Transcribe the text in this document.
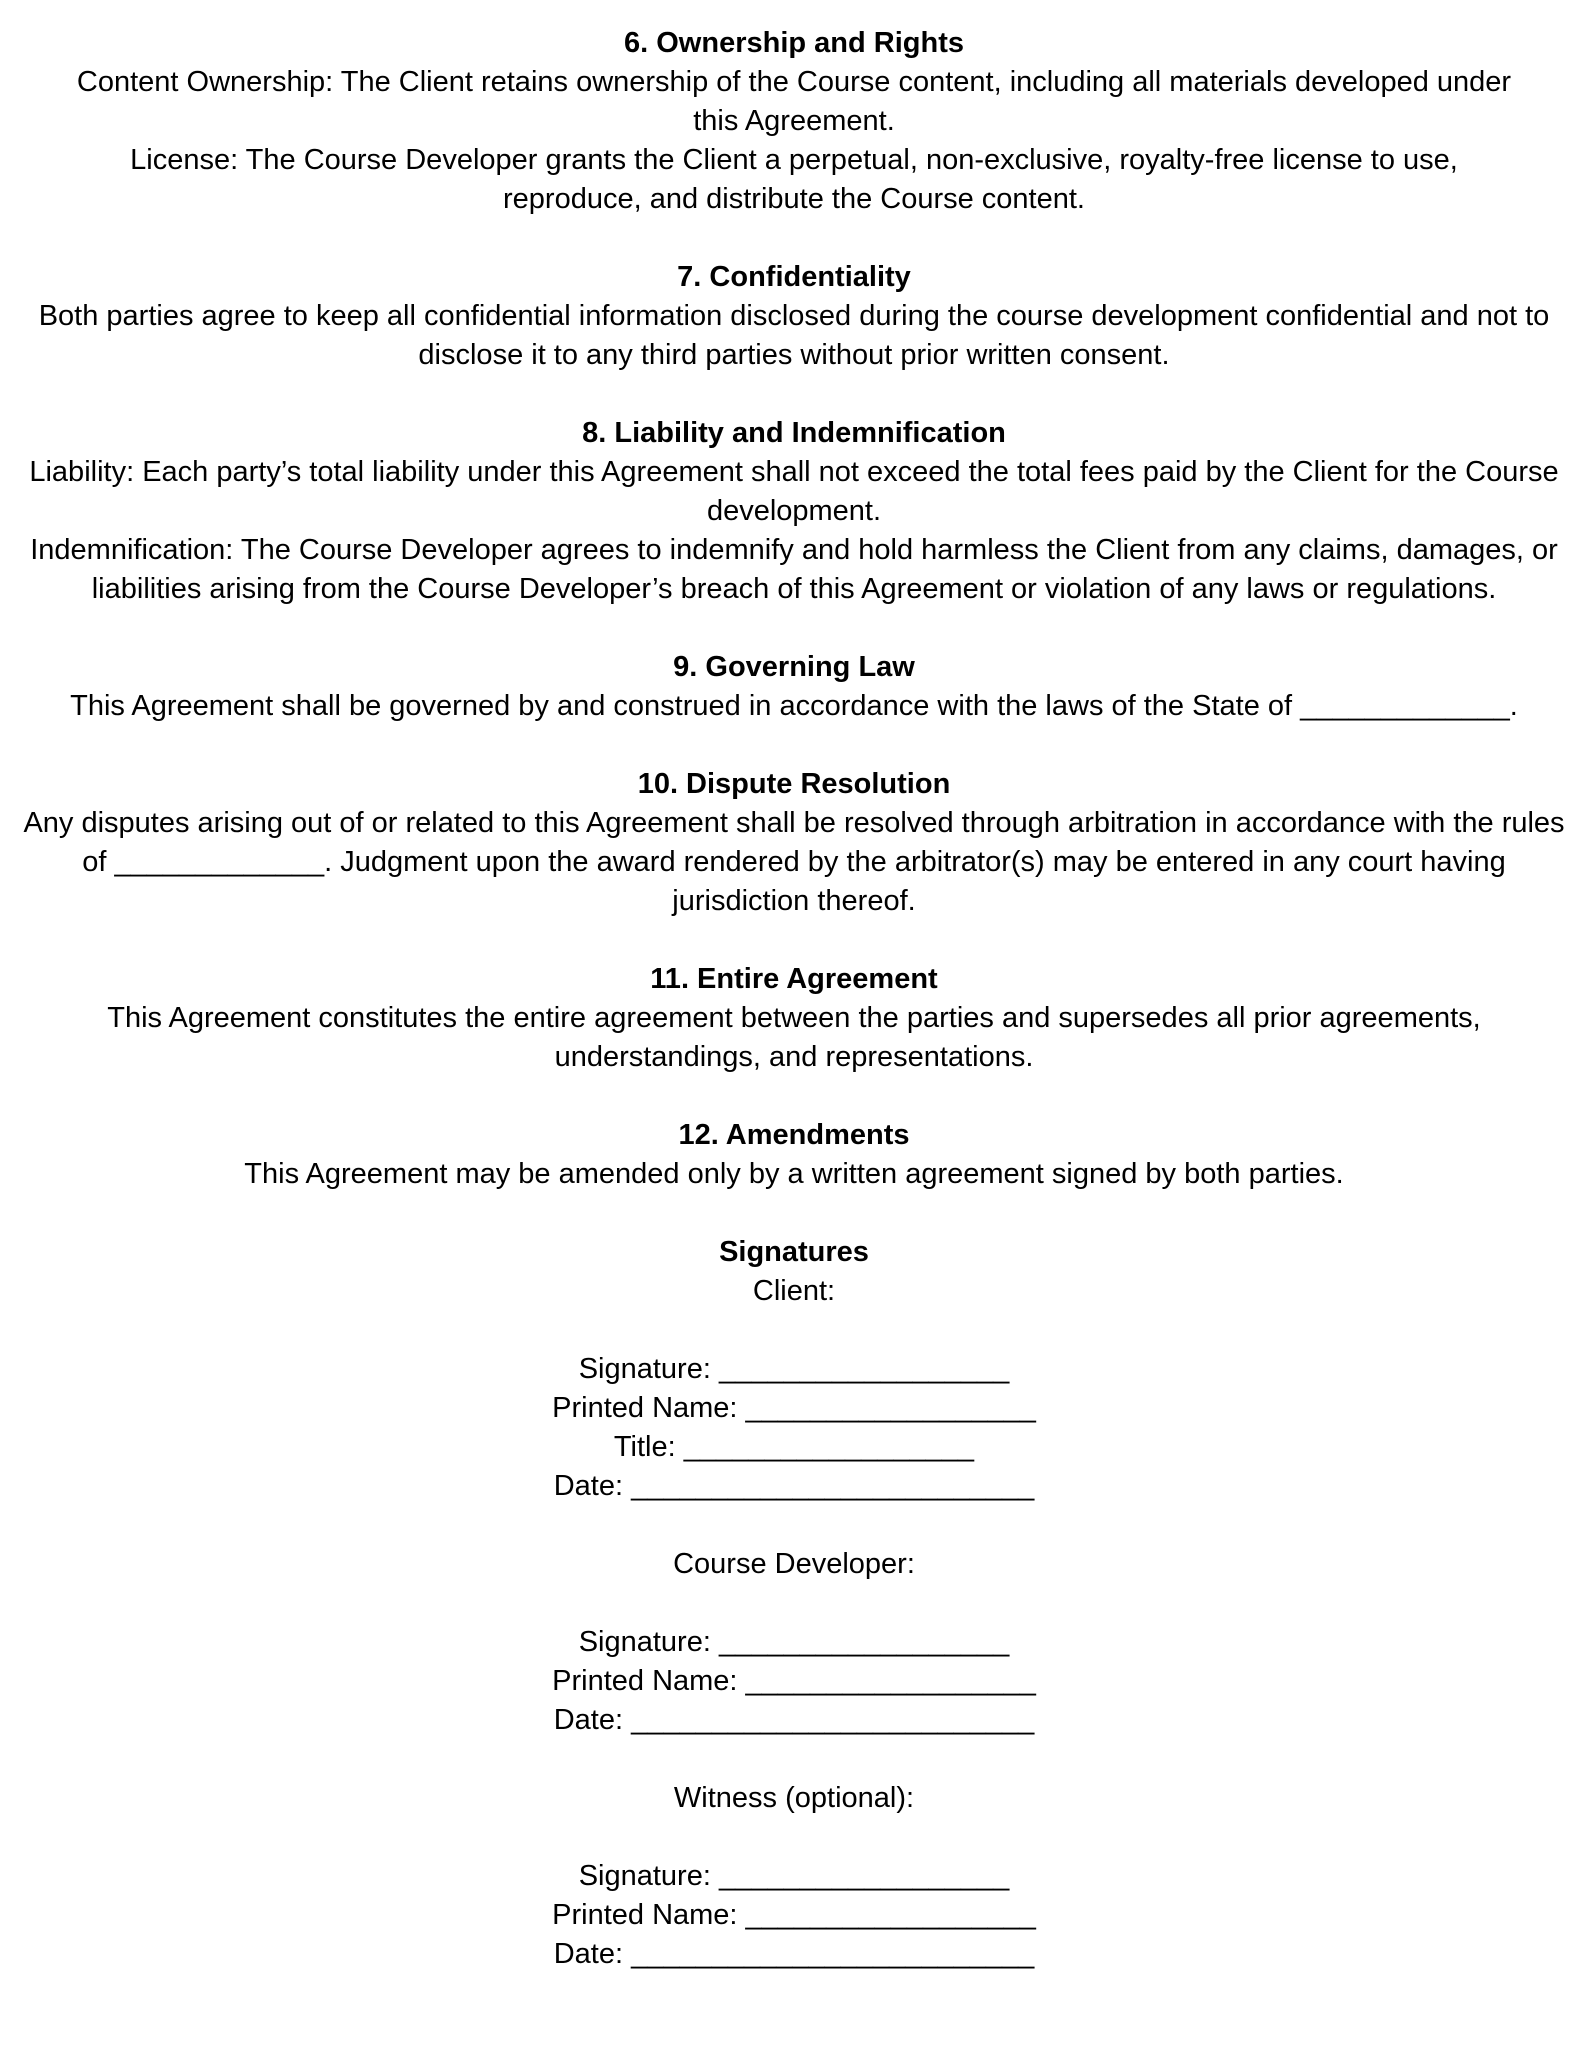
6. Ownership and Rights
Content Ownership: The Client retains ownership of the Course content, including all materials developed under this Agreement.
License: The Course Developer grants the Client a perpetual, non-exclusive, royalty-free license to use, reproduce, and distribute the Course content.
7. Confidentiality
Both parties agree to keep all confidential information disclosed during the course development confidential and not to disclose it to any third parties without prior written consent.
8. Liability and Indemnification
Liability: Each party’s total liability under this Agreement shall not exceed the total fees paid by the Client for the Course development.
Indemnification: The Course Developer agrees to indemnify and hold harmless the Client from any claims, damages, or liabilities arising from the Course Developer’s breach of this Agreement or violation of any laws or regulations.
9. Governing Law
This Agreement shall be governed by and construed in accordance with the laws of the State of _____________.
10. Dispute Resolution
Any disputes arising out of or related to this Agreement shall be resolved through arbitration in accordance with the rules of _____________. Judgment upon the award rendered by the arbitrator(s) may be entered in any court having jurisdiction thereof.
11. Entire Agreement
This Agreement constitutes the entire agreement between the parties and supersedes all prior agreements, understandings, and representations.
12. Amendments
This Agreement may be amended only by a written agreement signed by both parties.
Signatures
Client:
Signature: __________________
Printed Name: __________________
Title: __________________
Date: _________________________
Course Developer:
Signature: __________________
Printed Name: __________________
Date: _________________________
Witness (optional):
Signature: __________________
Printed Name: __________________
Date: _________________________
